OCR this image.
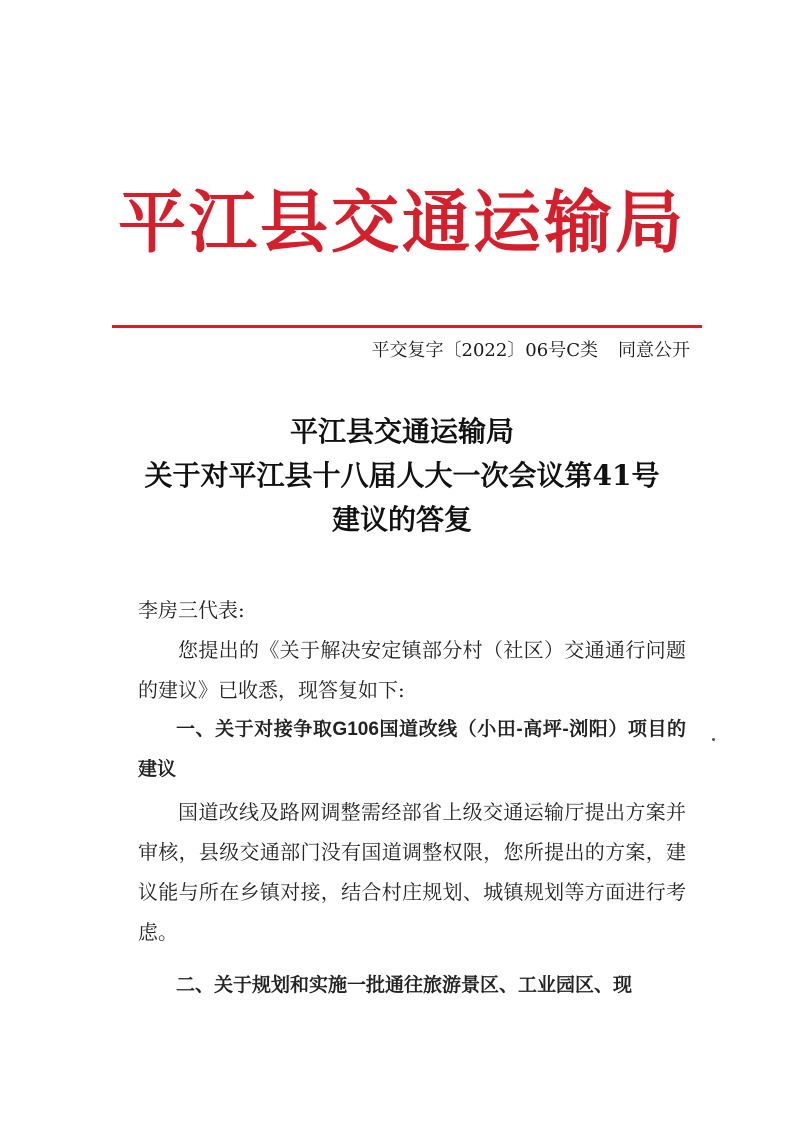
平江县交通运输局
平交复字〔2022〕06号C类 同意公开
平江县交通运输局
关于对平江县十八届人大一次会议第41号
建议的答复
李房三代表:
您提出的《关于解决安定镇部分村（社区）交通通行问题的建议》已收悉，现答复如下:
一、关于对接争取G106国道改线（小田-高坪-浏阳）项目的建议
国道改线及路网调整需经部省上级交通运输厅提出方案并审核，县级交通部门没有国道调整权限，您所提出的方案，建议能与所在乡镇对接，结合村庄规划、城镇规划等方面进行考虑。
二、关于规划和实施一批通往旅游景区、工业园区、现
